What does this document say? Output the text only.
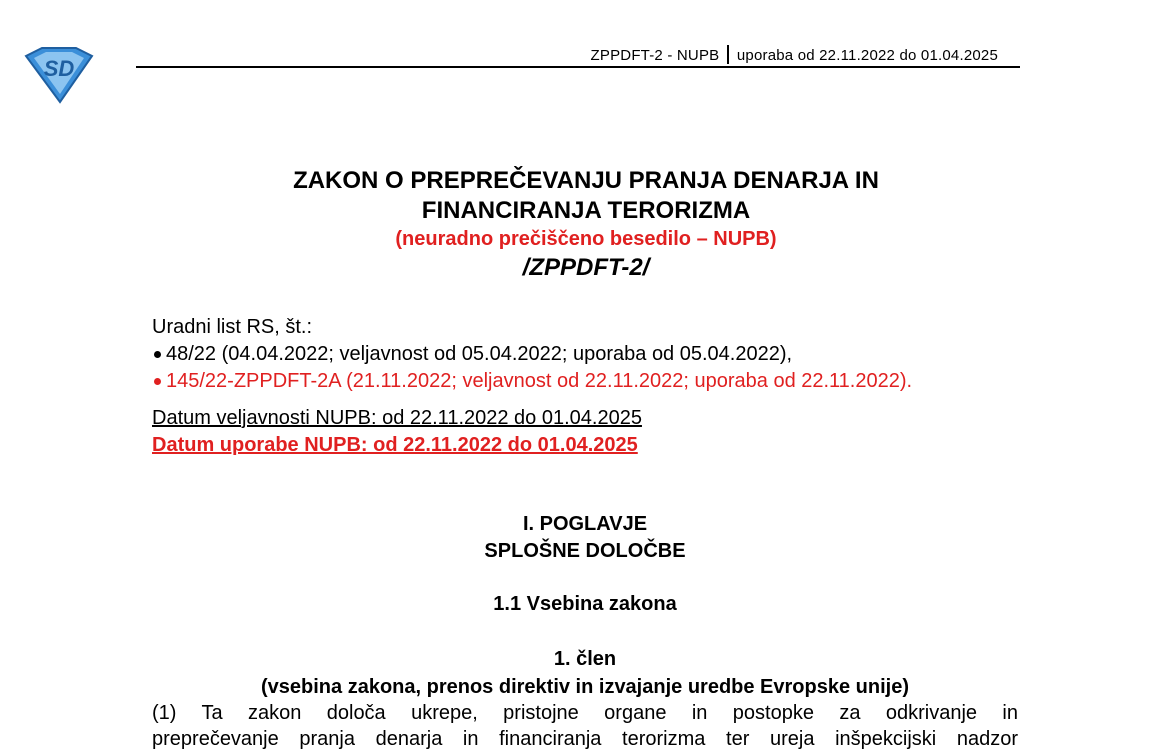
SD
ZPPDFT-2 - NUPB uporaba od 22.11.2022 do 01.04.2025
ZAKON O PREPREČEVANJU PRANJA DENARJA IN
FINANCIRANJA TERORIZMA
(neuradno prečiščeno besedilo – NUPB)
/ZPPDFT-2/
Uradni list RS, št.:
48/22 (04.04.2022; veljavnost od 05.04.2022; uporaba od 05.04.2022),
145/22-ZPPDFT-2A (21.11.2022; veljavnost od 22.11.2022; uporaba od 22.11.2022).
Datum veljavnosti NUPB: od 22.11.2022 do 01.04.2025
Datum uporabe NUPB: od 22.11.2022 do 01.04.2025
I. POGLAVJE
SPLOŠNE DOLOČBE
1.1 Vsebina zakona
1. člen
(vsebina zakona, prenos direktiv in izvajanje uredbe Evropske unije)
(1) Ta zakon določa ukrepe, pristojne organe in postopke za odkrivanje in
preprečevanje pranja denarja in financiranja terorizma ter ureja inšpekcijski nadzor
